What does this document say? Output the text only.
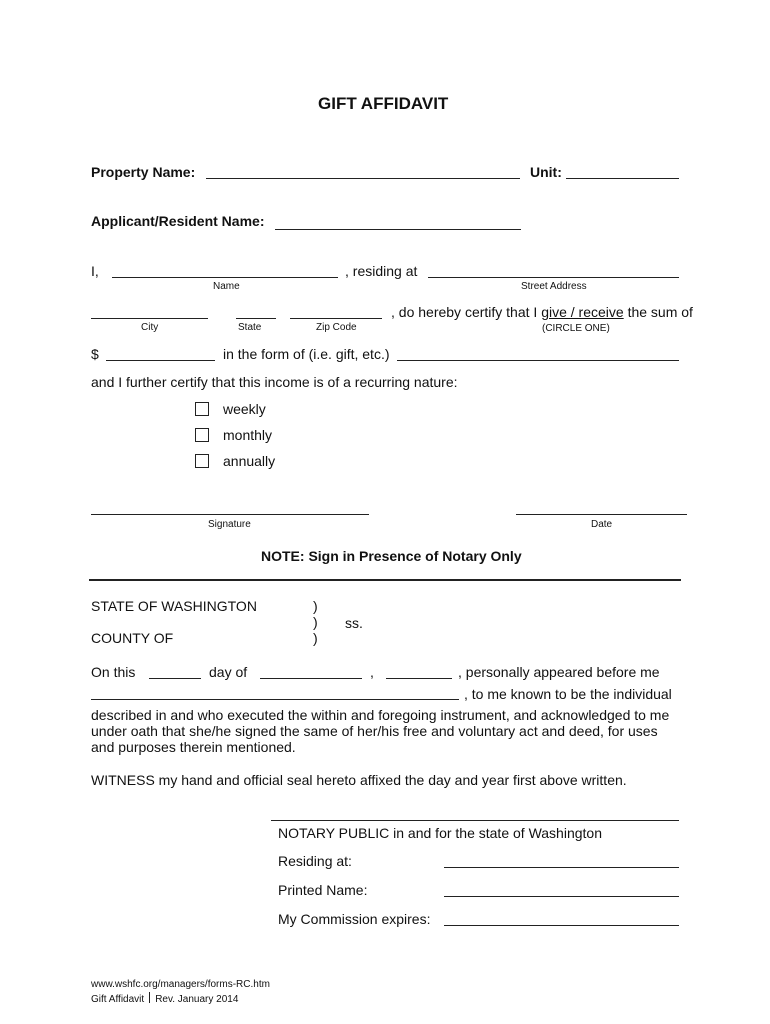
GIFT AFFIDAVIT
Property Name:	Unit:
Applicant/Resident Name:
I,	, residing at
Name	Street Address
, do hereby certify that I give / receive the sum of
City	State	Zip Code	(CIRCLE ONE)
$	in the form of (i.e. gift, etc.)
and I further certify that this income is of a recurring nature:
weekly
monthly
annually
Signature	Date
NOTE: Sign in Presence of Notary Only
STATE OF WASHINGTON	)
) ss.
COUNTY OF	)
On this	day of	,	, personally appeared before me
, to me known to be the individual
described in and who executed the within and foregoing instrument, and acknowledged to me under oath that she/he signed the same of her/his free and voluntary act and deed, for uses and purposes therein mentioned.
WITNESS my hand and official seal hereto affixed the day and year first above written.
NOTARY PUBLIC in and for the state of Washington
Residing at:
Printed Name:
My Commission expires:
www.wshfc.org/managers/forms-RC.htm
Gift Affidavit Rev. January 2014
